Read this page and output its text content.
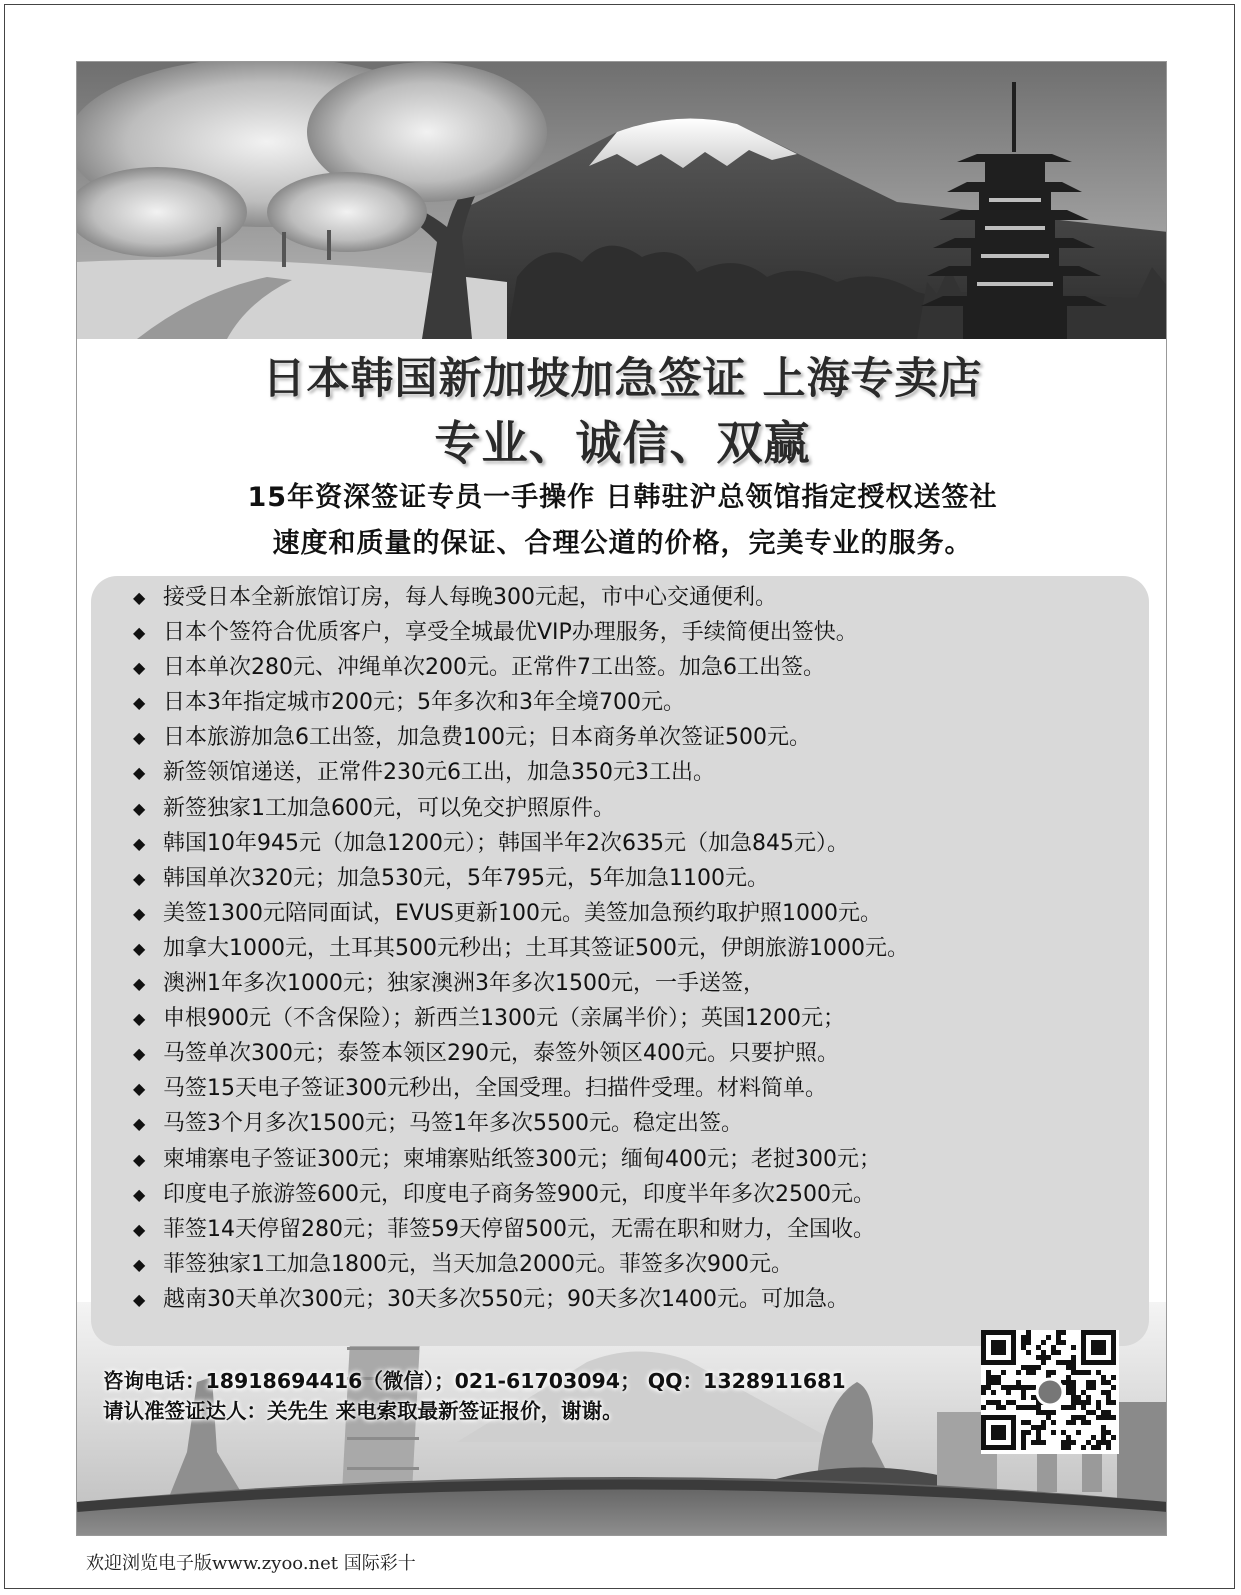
日本韩国新加坡加急签证 上海专卖店
专业、诚信、双赢
15年资深签证专员一手操作 日韩驻沪总领馆指定授权送签社
速度和质量的保证、合理公道的价格，完美专业的服务。
◆ 接受日本全新旅馆订房，每人每晚300元起，市中心交通便利。
◆ 日本个签符合优质客户，享受全城最优VIP办理服务，手续简便出签快。
◆ 日本单次280元、冲绳单次200元。正常件7工出签。加急6工出签。
◆ 日本3年指定城市200元；5年多次和3年全境700元。
◆ 日本旅游加急6工出签，加急费100元；日本商务单次签证500元。
◆ 新签领馆递送，正常件230元6工出，加急350元3工出。
◆ 新签独家1工加急600元，可以免交护照原件。
◆ 韩国10年945元（加急1200元）；韩国半年2次635元（加急845元）。
◆ 韩国单次320元；加急530元，5年795元，5年加急1100元。
◆ 美签1300元陪同面试，EVUS更新100元。美签加急预约取护照1000元。
◆ 加拿大1000元，土耳其500元秒出；土耳其签证500元，伊朗旅游1000元。
◆ 澳洲1年多次1000元；独家澳洲3年多次1500元，一手送签，
◆ 申根900元（不含保险）；新西兰1300元（亲属半价）；英国1200元；
◆ 马签单次300元；泰签本领区290元，泰签外领区400元。只要护照。
◆ 马签15天电子签证300元秒出，全国受理。扫描件受理。材料简单。
◆ 马签3个月多次1500元；马签1年多次5500元。稳定出签。
◆ 柬埔寨电子签证300元；柬埔寨贴纸签300元；缅甸400元；老挝300元；
◆ 印度电子旅游签600元，印度电子商务签900元，印度半年多次2500元。
◆ 菲签14天停留280元；菲签59天停留500元，无需在职和财力，全国收。
◆ 菲签独家1工加急1800元，当天加急2000元。菲签多次900元。
◆ 越南30天单次300元；30天多次550元；90天多次1400元。可加急。
咨询电话：18918694416（微信）；021-61703094； QQ：1328911681
请认准签证达人：关先生 来电索取最新签证报价，谢谢。
欢迎浏览电子版www.zyoo.net 国际彩十
